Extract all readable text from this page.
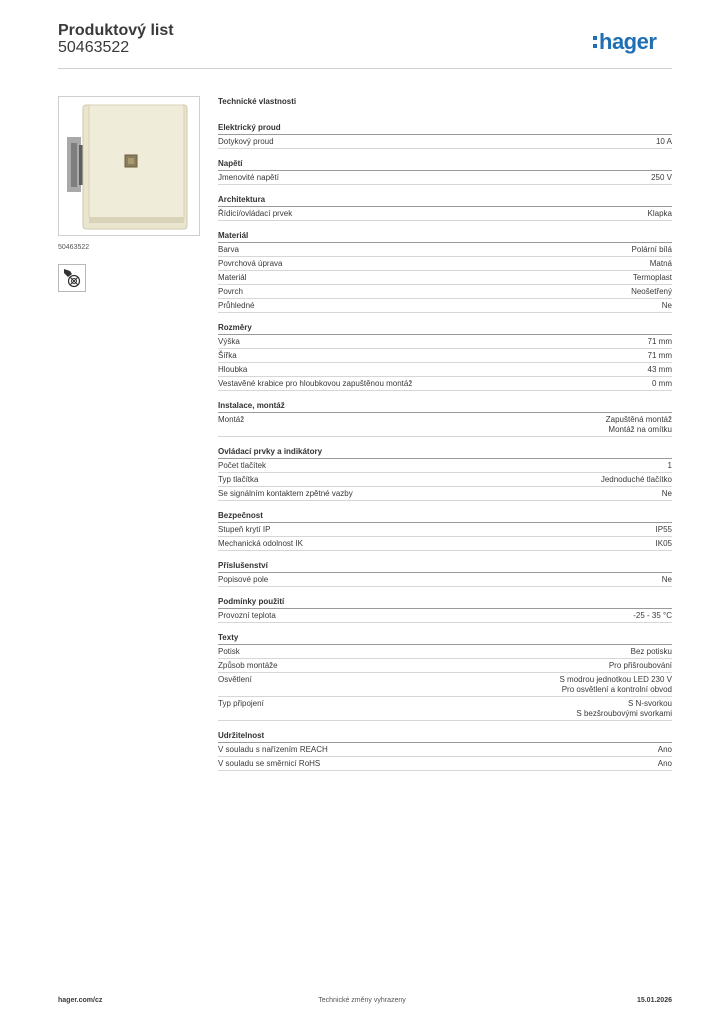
Produktový list
50463522	hager
50463522
Technické vlastnosti
Elektrický proud
Dotykový proud	10 A
Napětí
Jmenovité napětí	250 V
Architektura
Řídicí/ovládací prvek	Klapka
Materiál
Barva	Polární bílá
Povrchová úprava	Matná
Materiál	Termoplast
Povrch	Neošetřený
Průhledné	Ne
Rozměry
Výška	71 mm
Šířka	71 mm
Hloubka	43 mm
Vestavěné krabice pro hloubkovou zapuštěnou montáž	0 mm
Instalace, montáž
Montáž	Zapuštěná montáž
Montáž na omítku
Ovládací prvky a indikátory
Počet tlačítek	1
Typ tlačítka	Jednoduché tlačítko
Se signálním kontaktem zpětné vazby	Ne
Bezpečnost
Stupeň krytí IP	IP55
Mechanická odolnost IK	IK05
Příslušenství
Popisové pole	Ne
Podmínky použití
Provozní teplota	-25 - 35 °C
Texty
Potisk	Bez potisku
Způsob montáže	Pro přišroubování
Osvětlení	S modrou jednotkou LED 230 V
Pro osvětlení a kontrolní obvod
Typ připojení	S N-svorkou
S bezšroubovými svorkami
Udržitelnost
V souladu s nařízením REACH	Ano
V souladu se směrnicí RoHS	Ano
hager.com/cz	Technické změny vyhrazeny	15.01.2026
